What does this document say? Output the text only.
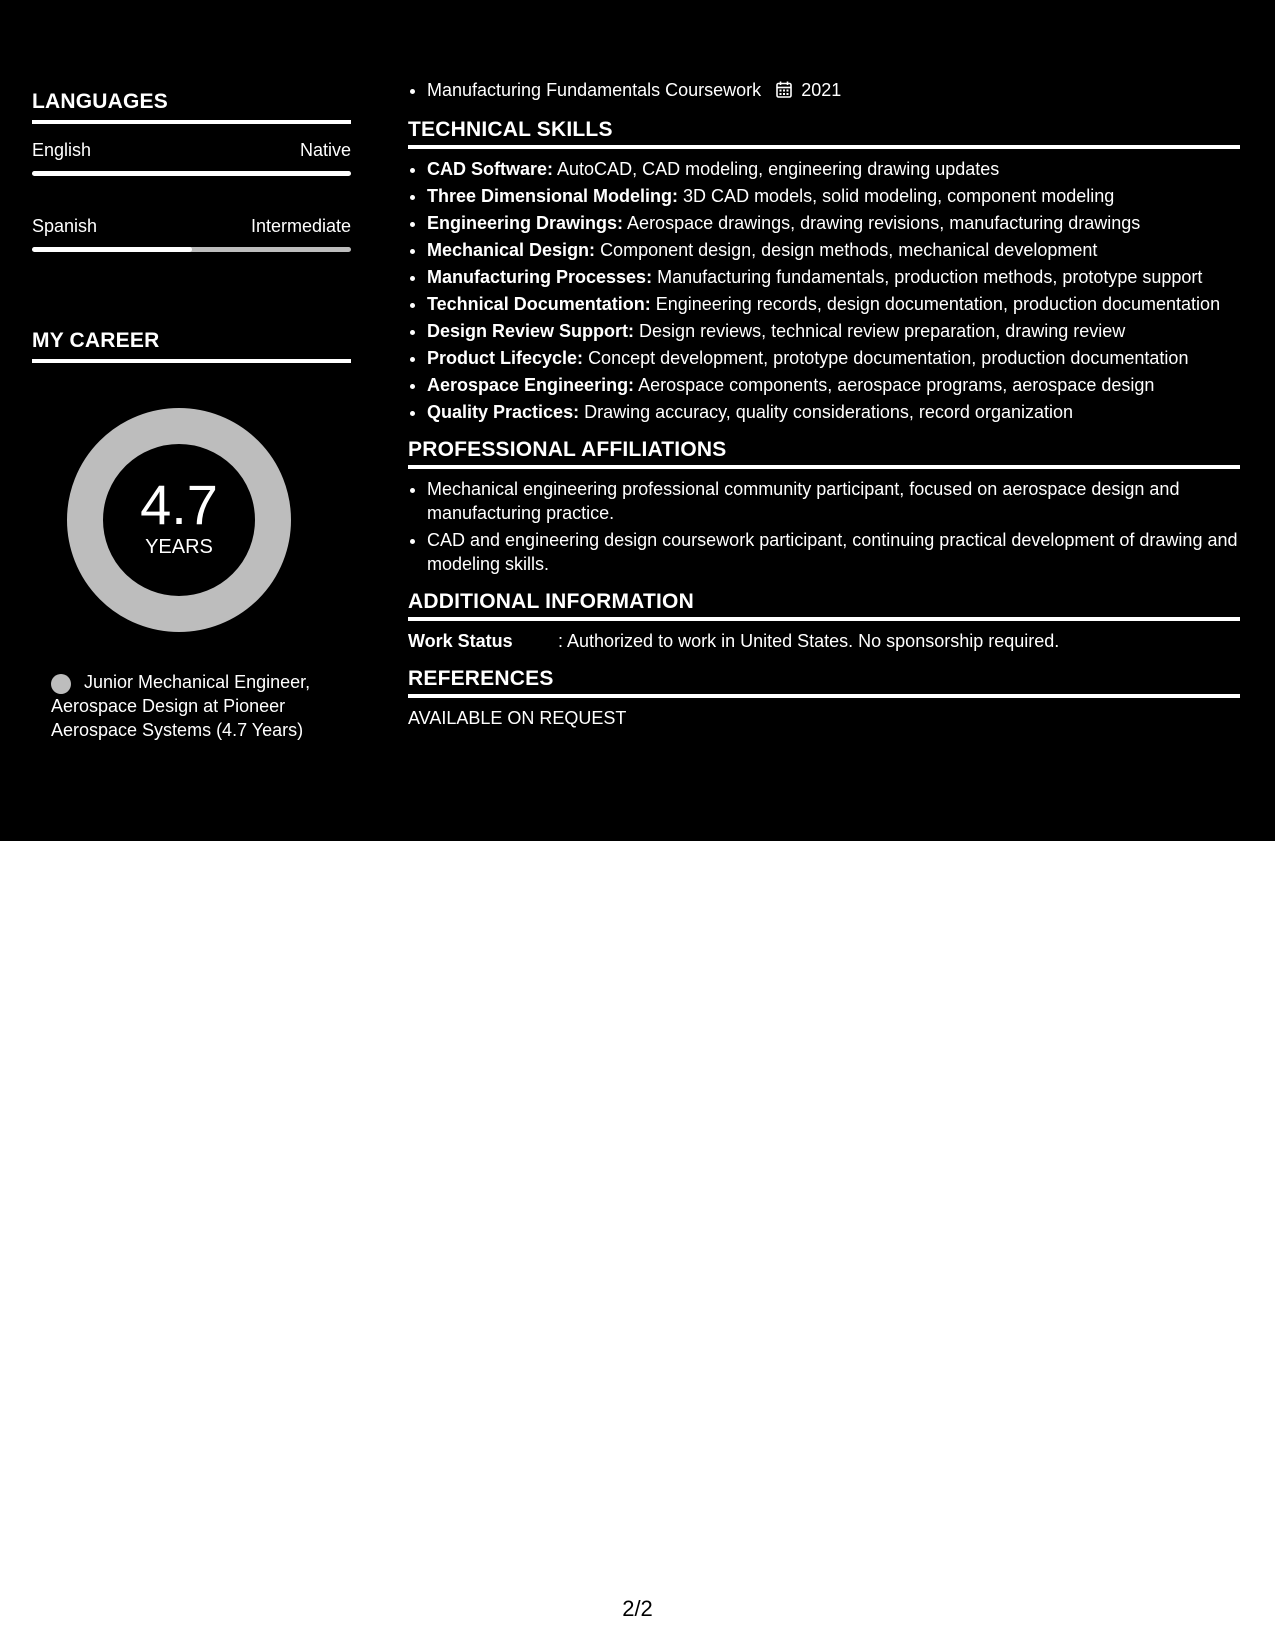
LANGUAGES
English	Native
Spanish	Intermediate
MY CAREER
4.7
YEARS
Junior Mechanical Engineer, Aerospace Design at Pioneer Aerospace Systems (4.7 Years)
• Manufacturing Fundamentals Coursework 2021
TECHNICAL SKILLS
• CAD Software: AutoCAD, CAD modeling, engineering drawing updates
• Three Dimensional Modeling: 3D CAD models, solid modeling, component modeling
• Engineering Drawings: Aerospace drawings, drawing revisions, manufacturing drawings
• Mechanical Design: Component design, design methods, mechanical development
• Manufacturing Processes: Manufacturing fundamentals, production methods, prototype support
• Technical Documentation: Engineering records, design documentation, production documentation
• Design Review Support: Design reviews, technical review preparation, drawing review
• Product Lifecycle: Concept development, prototype documentation, production documentation
• Aerospace Engineering: Aerospace components, aerospace programs, aerospace design
• Quality Practices: Drawing accuracy, quality considerations, record organization
PROFESSIONAL AFFILIATIONS
• Mechanical engineering professional community participant, focused on aerospace design and manufacturing practice.
• CAD and engineering design coursework participant, continuing practical development of drawing and modeling skills.
ADDITIONAL INFORMATION
Work Status	: Authorized to work in United States. No sponsorship required.
REFERENCES
AVAILABLE ON REQUEST
2/2
